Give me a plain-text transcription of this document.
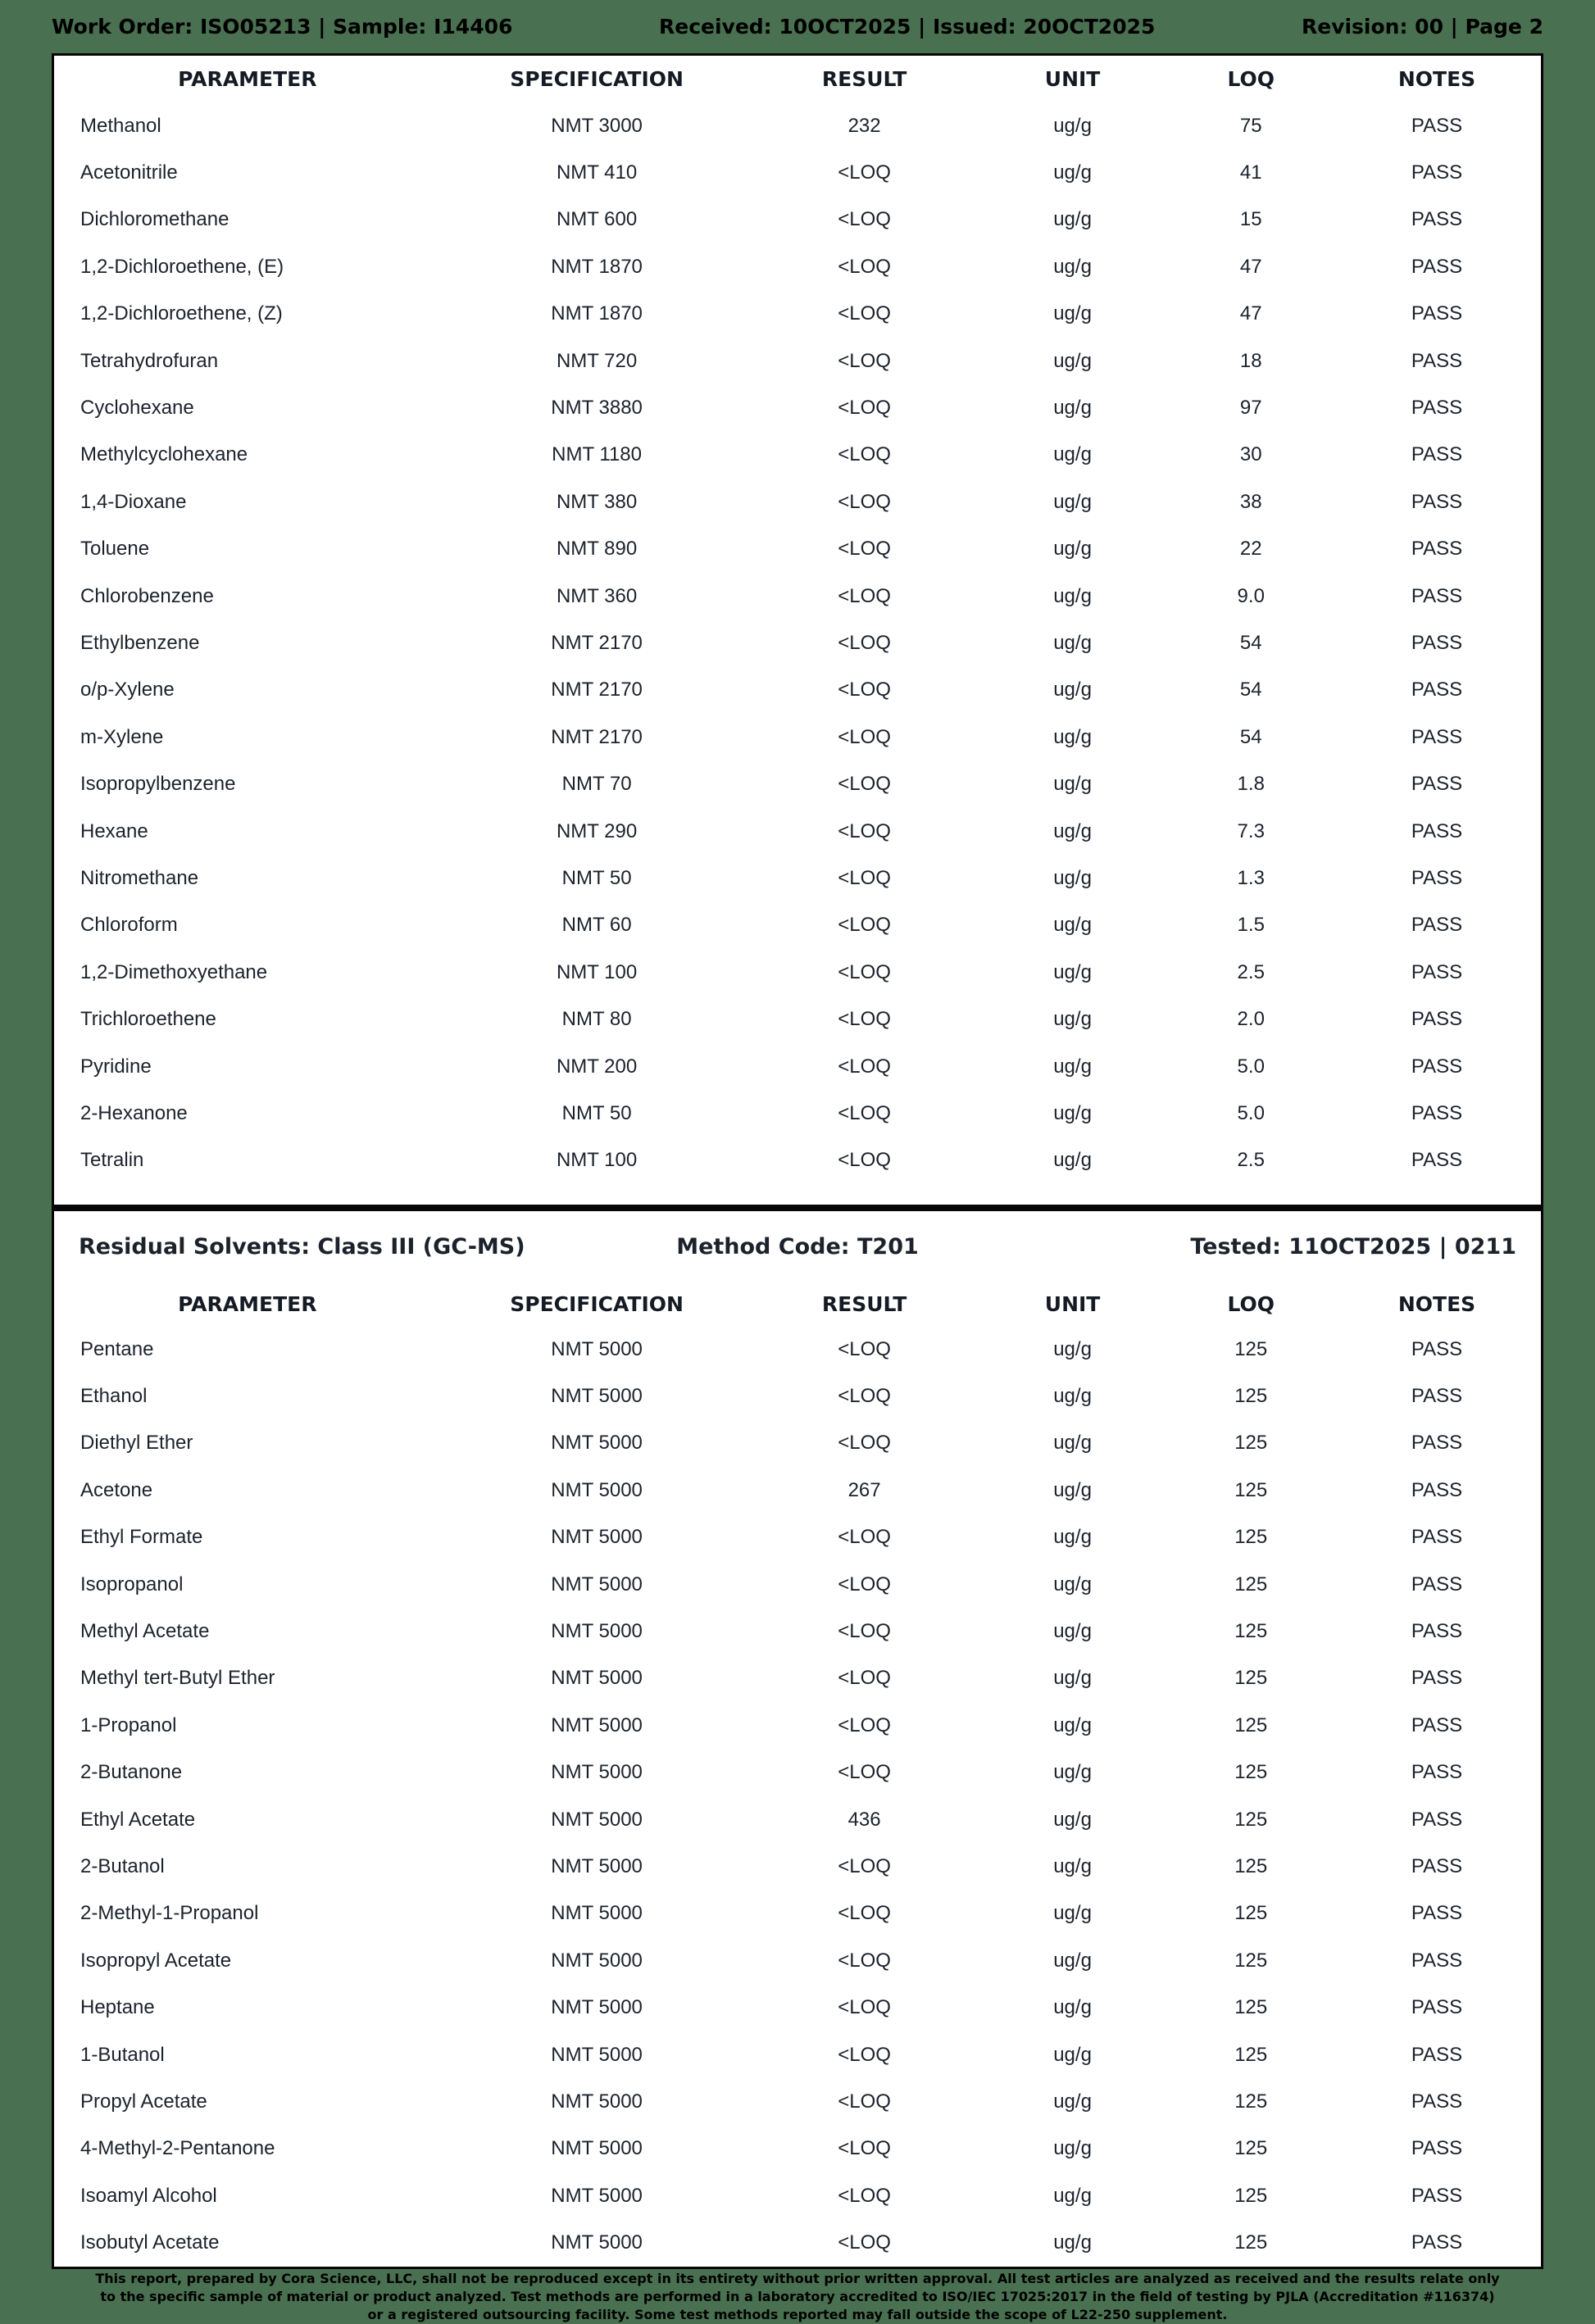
Work Order: ISO05213 | Sample: I14406	Received: 10OCT2025 | Issued: 20OCT2025	Revision: 00 | Page 2
PARAMETER	SPECIFICATION	RESULT	UNIT	LOQ	NOTES
Methanol	NMT 3000	232	ug/g	75	PASS
Acetonitrile	NMT 410	<LOQ	ug/g	41	PASS
Dichloromethane	NMT 600	<LOQ	ug/g	15	PASS
1,2-Dichloroethene, (E)	NMT 1870	<LOQ	ug/g	47	PASS
1,2-Dichloroethene, (Z)	NMT 1870	<LOQ	ug/g	47	PASS
Tetrahydrofuran	NMT 720	<LOQ	ug/g	18	PASS
Cyclohexane	NMT 3880	<LOQ	ug/g	97	PASS
Methylcyclohexane	NMT 1180	<LOQ	ug/g	30	PASS
1,4-Dioxane	NMT 380	<LOQ	ug/g	38	PASS
Toluene	NMT 890	<LOQ	ug/g	22	PASS
Chlorobenzene	NMT 360	<LOQ	ug/g	9.0	PASS
Ethylbenzene	NMT 2170	<LOQ	ug/g	54	PASS
o/p-Xylene	NMT 2170	<LOQ	ug/g	54	PASS
m-Xylene	NMT 2170	<LOQ	ug/g	54	PASS
Isopropylbenzene	NMT 70	<LOQ	ug/g	1.8	PASS
Hexane	NMT 290	<LOQ	ug/g	7.3	PASS
Nitromethane	NMT 50	<LOQ	ug/g	1.3	PASS
Chloroform	NMT 60	<LOQ	ug/g	1.5	PASS
1,2-Dimethoxyethane	NMT 100	<LOQ	ug/g	2.5	PASS
Trichloroethene	NMT 80	<LOQ	ug/g	2.0	PASS
Pyridine	NMT 200	<LOQ	ug/g	5.0	PASS
2-Hexanone	NMT 50	<LOQ	ug/g	5.0	PASS
Tetralin	NMT 100	<LOQ	ug/g	2.5	PASS
Residual Solvents: Class III (GC-MS)	Method Code: T201	Tested: 11OCT2025 | 0211
PARAMETER	SPECIFICATION	RESULT	UNIT	LOQ	NOTES
Pentane	NMT 5000	<LOQ	ug/g	125	PASS
Ethanol	NMT 5000	<LOQ	ug/g	125	PASS
Diethyl Ether	NMT 5000	<LOQ	ug/g	125	PASS
Acetone	NMT 5000	267	ug/g	125	PASS
Ethyl Formate	NMT 5000	<LOQ	ug/g	125	PASS
Isopropanol	NMT 5000	<LOQ	ug/g	125	PASS
Methyl Acetate	NMT 5000	<LOQ	ug/g	125	PASS
Methyl tert-Butyl Ether	NMT 5000	<LOQ	ug/g	125	PASS
1-Propanol	NMT 5000	<LOQ	ug/g	125	PASS
2-Butanone	NMT 5000	<LOQ	ug/g	125	PASS
Ethyl Acetate	NMT 5000	436	ug/g	125	PASS
2-Butanol	NMT 5000	<LOQ	ug/g	125	PASS
2-Methyl-1-Propanol	NMT 5000	<LOQ	ug/g	125	PASS
Isopropyl Acetate	NMT 5000	<LOQ	ug/g	125	PASS
Heptane	NMT 5000	<LOQ	ug/g	125	PASS
1-Butanol	NMT 5000	<LOQ	ug/g	125	PASS
Propyl Acetate	NMT 5000	<LOQ	ug/g	125	PASS
4-Methyl-2-Pentanone	NMT 5000	<LOQ	ug/g	125	PASS
Isoamyl Alcohol	NMT 5000	<LOQ	ug/g	125	PASS
Isobutyl Acetate	NMT 5000	<LOQ	ug/g	125	PASS
This report, prepared by Cora Science, LLC, shall not be reproduced except in its entirety without prior written approval. All test articles are analyzed as received and the results relate only
to the specific sample of material or product analyzed. Test methods are performed in a laboratory accredited to ISO/IEC 17025:2017 in the field of testing by PJLA (Accreditation #116374)
or a registered outsourcing facility. Some test methods reported may fall outside the scope of L22-250 supplement.
